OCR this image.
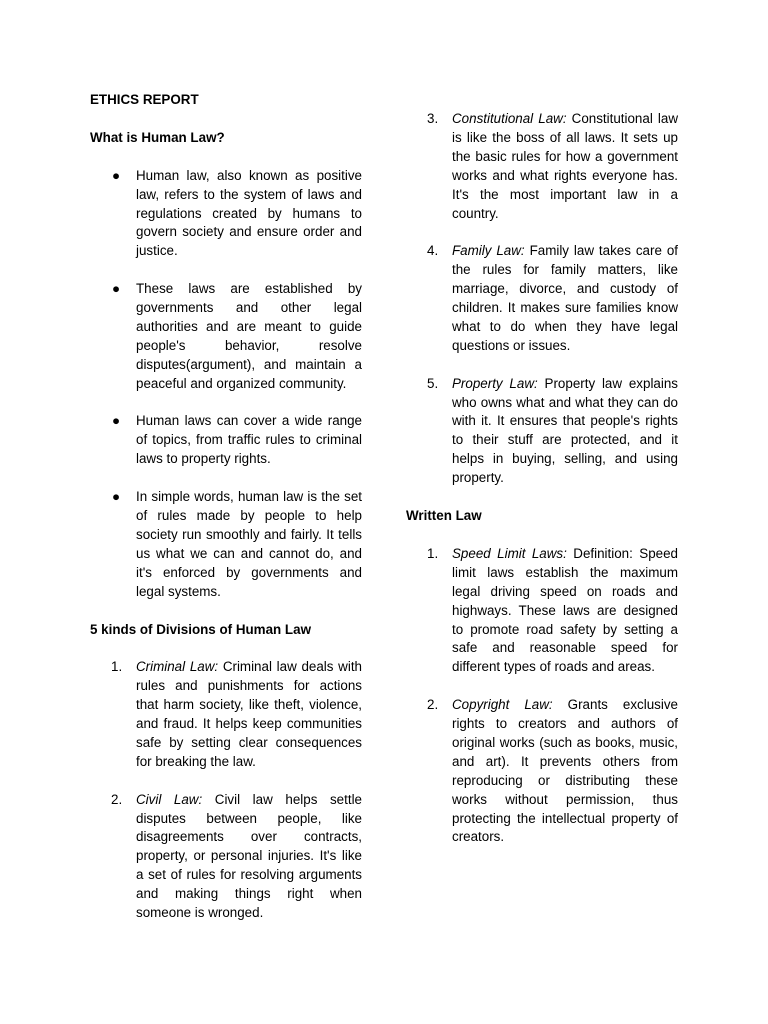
ETHICS REPORT
What is Human Law?
● Human law, also known as positive law, refers to the system of laws and regulations created by humans to govern society and ensure order and justice.
● These laws are established by governments and other legal authorities and are meant to guide people's behavior, resolve disputes(argument), and maintain a peaceful and organized community.
● Human laws can cover a wide range of topics, from traffic rules to criminal laws to property rights.
● In simple words, human law is the set of rules made by people to help society run smoothly and fairly. It tells us what we can and cannot do, and it's enforced by governments and legal systems.
5 kinds of Divisions of Human Law
1. Criminal Law: Criminal law deals with rules and punishments for actions that harm society, like theft, violence, and fraud. It helps keep communities safe by setting clear consequences for breaking the law.
2. Civil Law: Civil law helps settle disputes between people, like disagreements over contracts, property, or personal injuries. It's like a set of rules for resolving arguments and making things right when someone is wronged.
3. Constitutional Law: Constitutional law is like the boss of all laws. It sets up the basic rules for how a government works and what rights everyone has. It's the most important law in a country.
4. Family Law: Family law takes care of the rules for family matters, like marriage, divorce, and custody of children. It makes sure families know what to do when they have legal questions or issues.
5. Property Law: Property law explains who owns what and what they can do with it. It ensures that people's rights to their stuff are protected, and it helps in buying, selling, and using property.
Written Law
1. Speed Limit Laws: Definition: Speed limit laws establish the maximum legal driving speed on roads and highways. These laws are designed to promote road safety by setting a safe and reasonable speed for different types of roads and areas.
2. Copyright Law: Grants exclusive rights to creators and authors of original works (such as books, music, and art). It prevents others from reproducing or distributing these works without permission, thus protecting the intellectual property of creators.
